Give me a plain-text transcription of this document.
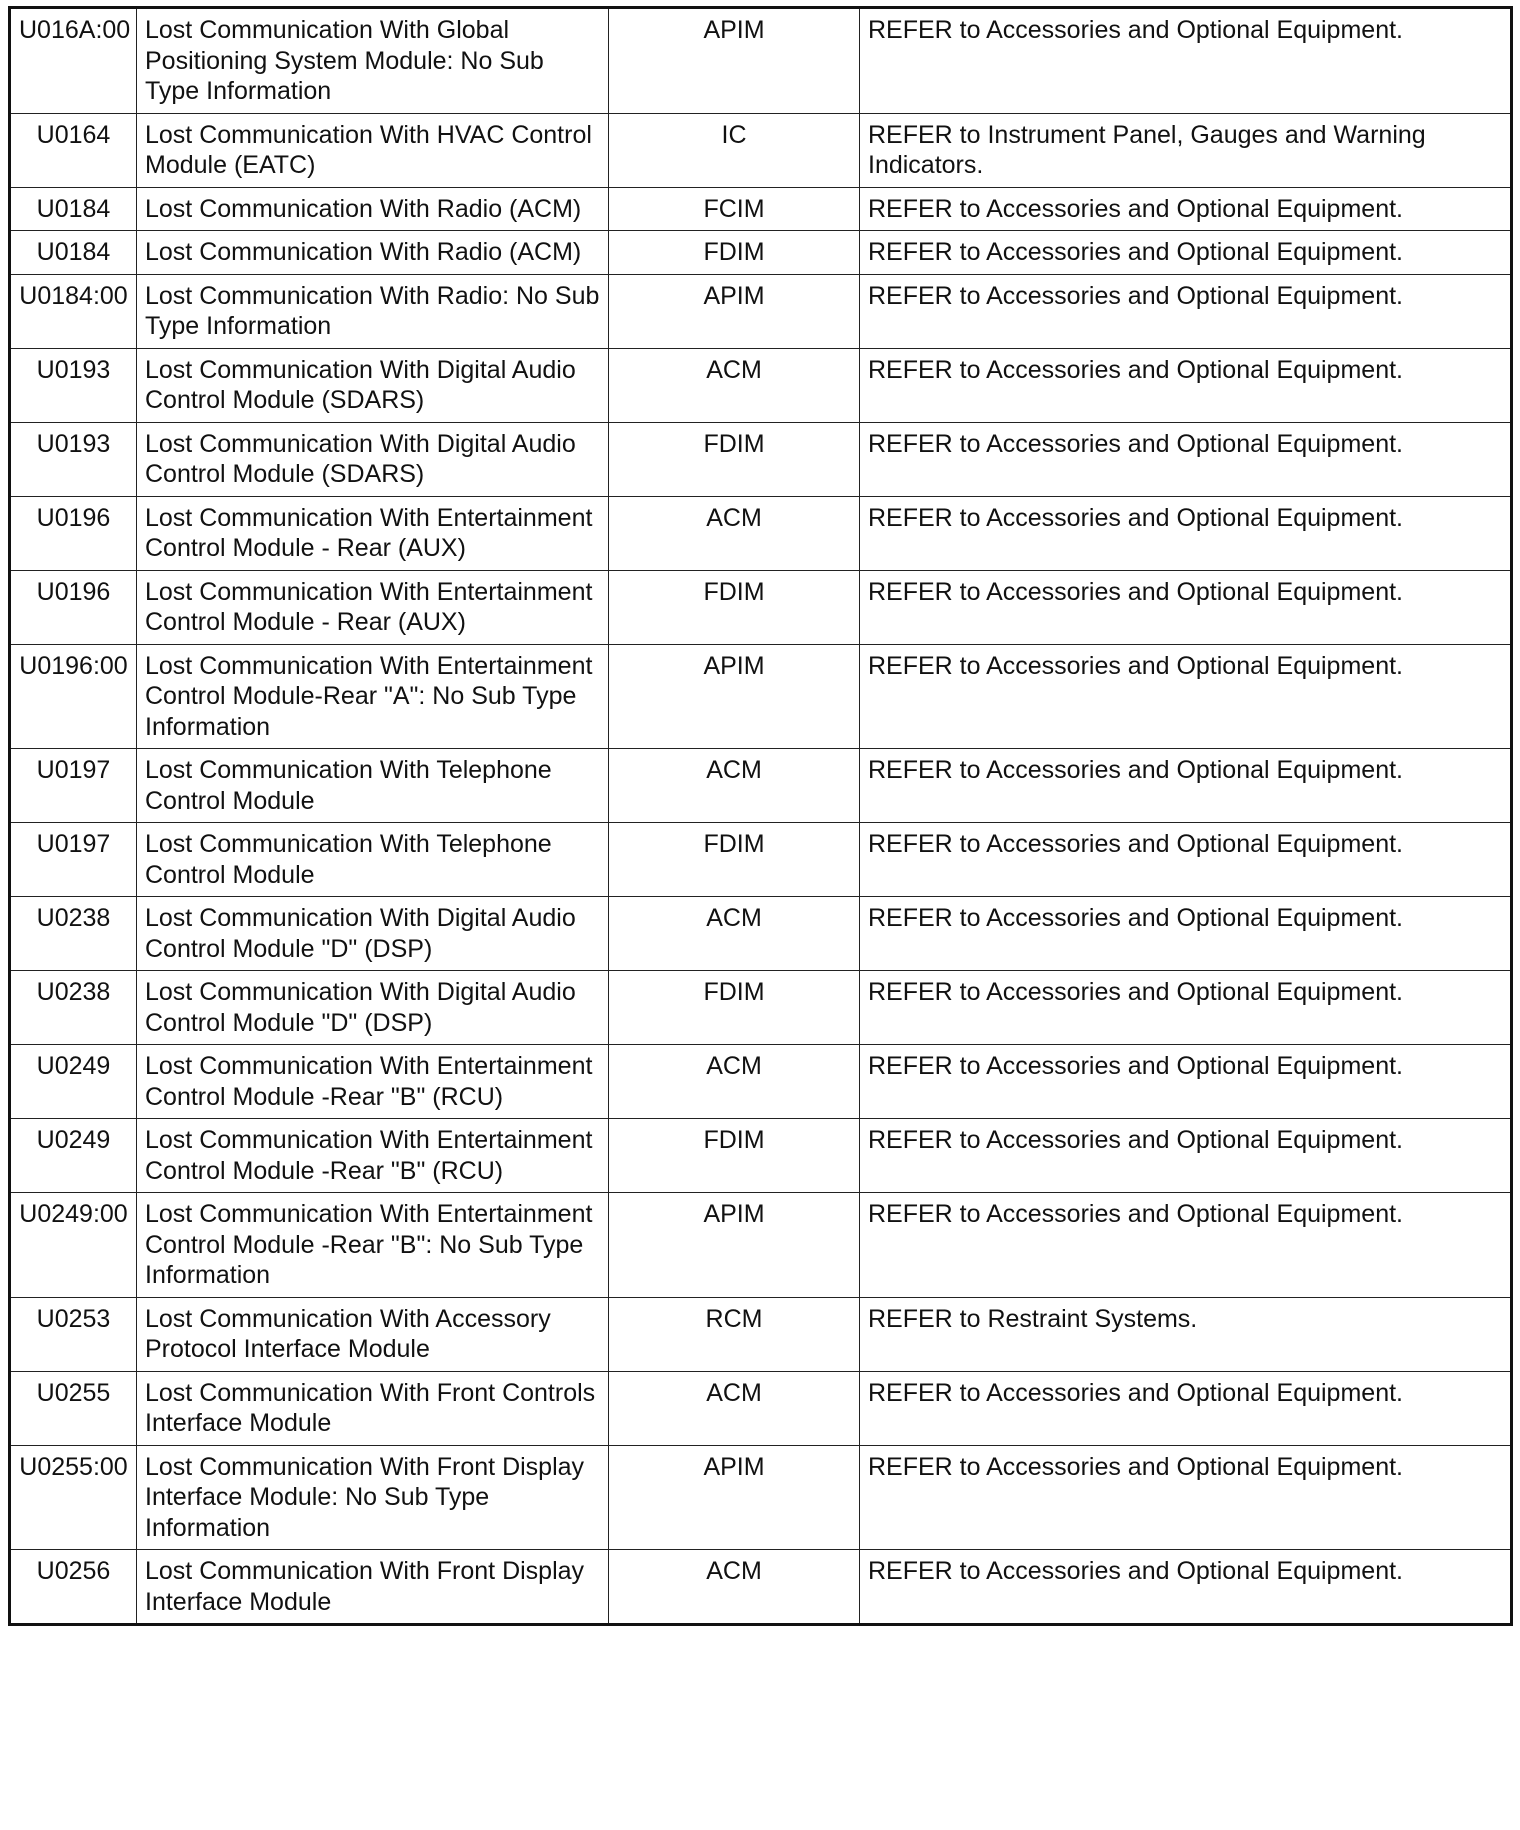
U016A:00	Lost Communication With Global Positioning System Module: No Sub Type Information	APIM	REFER to Accessories and Optional Equipment.
U0164	Lost Communication With HVAC Control Module (EATC)	IC	REFER to Instrument Panel, Gauges and Warning Indicators.
U0184	Lost Communication With Radio (ACM)	FCIM	REFER to Accessories and Optional Equipment.
U0184	Lost Communication With Radio (ACM)	FDIM	REFER to Accessories and Optional Equipment.
U0184:00	Lost Communication With Radio: No Sub Type Information	APIM	REFER to Accessories and Optional Equipment.
U0193	Lost Communication With Digital Audio Control Module (SDARS)	ACM	REFER to Accessories and Optional Equipment.
U0193	Lost Communication With Digital Audio Control Module (SDARS)	FDIM	REFER to Accessories and Optional Equipment.
U0196	Lost Communication With Entertainment Control Module - Rear (AUX)	ACM	REFER to Accessories and Optional Equipment.
U0196	Lost Communication With Entertainment Control Module - Rear (AUX)	FDIM	REFER to Accessories and Optional Equipment.
U0196:00	Lost Communication With Entertainment Control Module-Rear "A": No Sub Type Information	APIM	REFER to Accessories and Optional Equipment.
U0197	Lost Communication With Telephone Control Module	ACM	REFER to Accessories and Optional Equipment.
U0197	Lost Communication With Telephone Control Module	FDIM	REFER to Accessories and Optional Equipment.
U0238	Lost Communication With Digital Audio Control Module "D" (DSP)	ACM	REFER to Accessories and Optional Equipment.
U0238	Lost Communication With Digital Audio Control Module "D" (DSP)	FDIM	REFER to Accessories and Optional Equipment.
U0249	Lost Communication With Entertainment Control Module -Rear "B" (RCU)	ACM	REFER to Accessories and Optional Equipment.
U0249	Lost Communication With Entertainment Control Module -Rear "B" (RCU)	FDIM	REFER to Accessories and Optional Equipment.
U0249:00	Lost Communication With Entertainment Control Module -Rear "B": No Sub Type Information	APIM	REFER to Accessories and Optional Equipment.
U0253	Lost Communication With Accessory Protocol Interface Module	RCM	REFER to Restraint Systems.
U0255	Lost Communication With Front Controls Interface Module	ACM	REFER to Accessories and Optional Equipment.
U0255:00	Lost Communication With Front Display Interface Module: No Sub Type Information	APIM	REFER to Accessories and Optional Equipment.
U0256	Lost Communication With Front Display Interface Module	ACM	REFER to Accessories and Optional Equipment.
